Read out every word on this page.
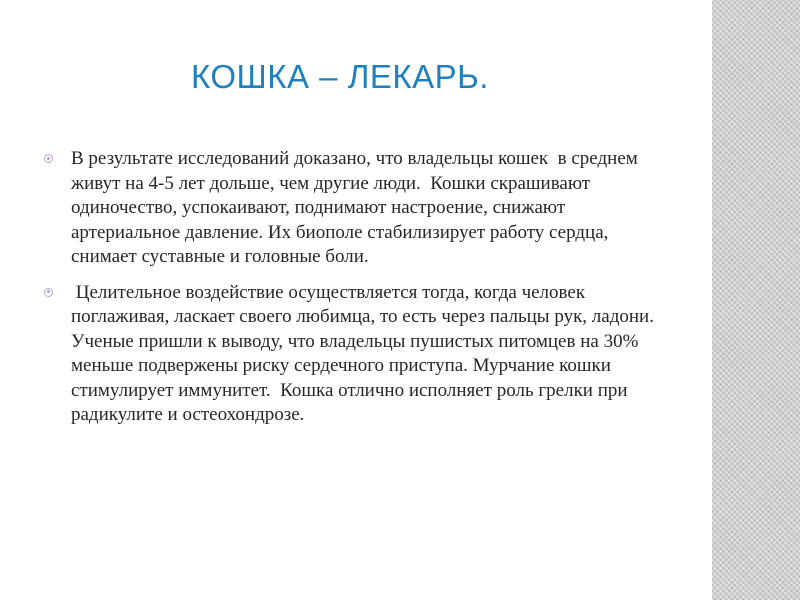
КОШКА – ЛЕКАРЬ.
В результате исследований доказано, что владельцы кошек  в среднем живут на 4-5 лет дольше, чем другие люди.  Кошки скрашивают одиночество, успокаивают, поднимают настроение, снижают артериальное давление. Их биополе стабилизирует работу сердца, снимает суставные и головные боли.
Целительное воздействие осуществляется тогда, когда человек поглаживая, ласкает своего любимца, то есть через пальцы рук, ладони. Ученые пришли к выводу, что владельцы пушистых питомцев на 30% меньше подвержены риску сердечного приступа. Мурчание кошки стимулирует иммунитет.  Кошка отлично исполняет роль грелки при радикулите и остеохондрозе.
